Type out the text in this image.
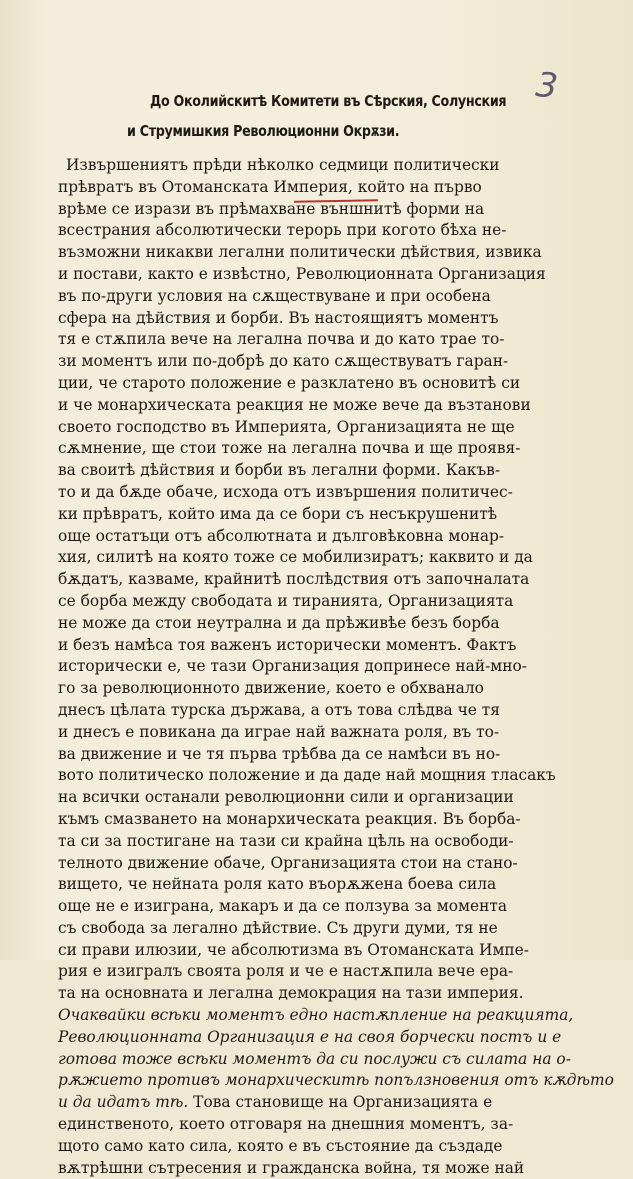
3
До Околийскитѣ Комитети въ Сѣрския, Солунския
и Струмишкия Революционни Окрѫзи.
Извършениятъ прѣди нѣколко седмици политически
прѣвратъ въ Отоманската Империя, който на първо
врѣме се изрази въ прѣмахване външнитѣ форми на
всестрания абсолютически терорь при когото бѣха не-
възможни никакви легални политически дѣйствия, извика
и постави, както е извѣстно, Революционната Организация
въ по-други условия на сѫществуване и при особена
сфера на дѣйствия и борби. Въ настоящиятъ моментъ
тя е стѫпила вече на легална почва и до като трае то-
зи моментъ или по-добрѣ до като сѫществуватъ гаран-
ции, че старото положение е разклатено въ основитѣ си
и че монархическата реакция не може вече да възтанови
своето господство въ Империята, Организацията не ще
сѫмнение, ще стои тоже на легална почва и ще проявя-
ва своитѣ дѣйствия и борби въ легални форми. Какъв-
то и да бѫде обаче, исхода отъ извършения политичес-
ки прѣвратъ, който има да се бори съ несъкрушенитѣ
още остатъци отъ абсолютната и дълговѣковна монар-
хия, силитѣ на която тоже се мобилизиратъ; каквито и да
бѫдатъ, казваме, крайнитѣ послѣдствия отъ започналата
се борба между свободата и тиранията, Организацията
не може да стои неутрална и да прѣживѣе безъ борба
и безъ намѣса тоя важенъ исторически моментъ. Фактъ
исторически е, че тази Организация допринесе най-мно-
го за революционното движение, което е обхванало
днесъ цѣлата турска държава, а отъ това слѣдва че тя
и днесъ е повикана да играе най важната роля, въ то-
ва движение и че тя първа трѣбва да се намѣси въ но-
вото политическо положение и да даде най мощния тласакъ
на всички останали революционни сили и организации
къмъ смазването на монархическата реакция. Въ борба-
та си за постигане на тази си крайна цѣль на освободи-
телното движение обаче, Организацията стои на стано-
вището, че нейната роля като въорѫжена боева сила
още не е изиграна, макаръ и да се ползува за момента
съ свобода за легално дѣйствие. Съ други думи, тя не
си прави илюзии, че абсолютизма въ Отоманската Импе-
рия е изигралъ своята роля и че е настѫпила вече ера-
та на основната и легална демокрация на тази империя.
Очаквайки всѣки моментъ едно настѫпление на реакцията,
Революционната Организация е на своя борчески постъ и е
готова тоже всѣки моментъ да си послужи съ силата на о-
рѫжието противъ монархическитѣ попълзновения отъ кѫдѣто
и да идатъ тѣ. Това становище на Организацията е
единственото, което отговаря на днешния моментъ, за-
щото само като сила, която е въ състояние да създаде
вѫтрѣшни сътресения и гражданска война, тя може най
